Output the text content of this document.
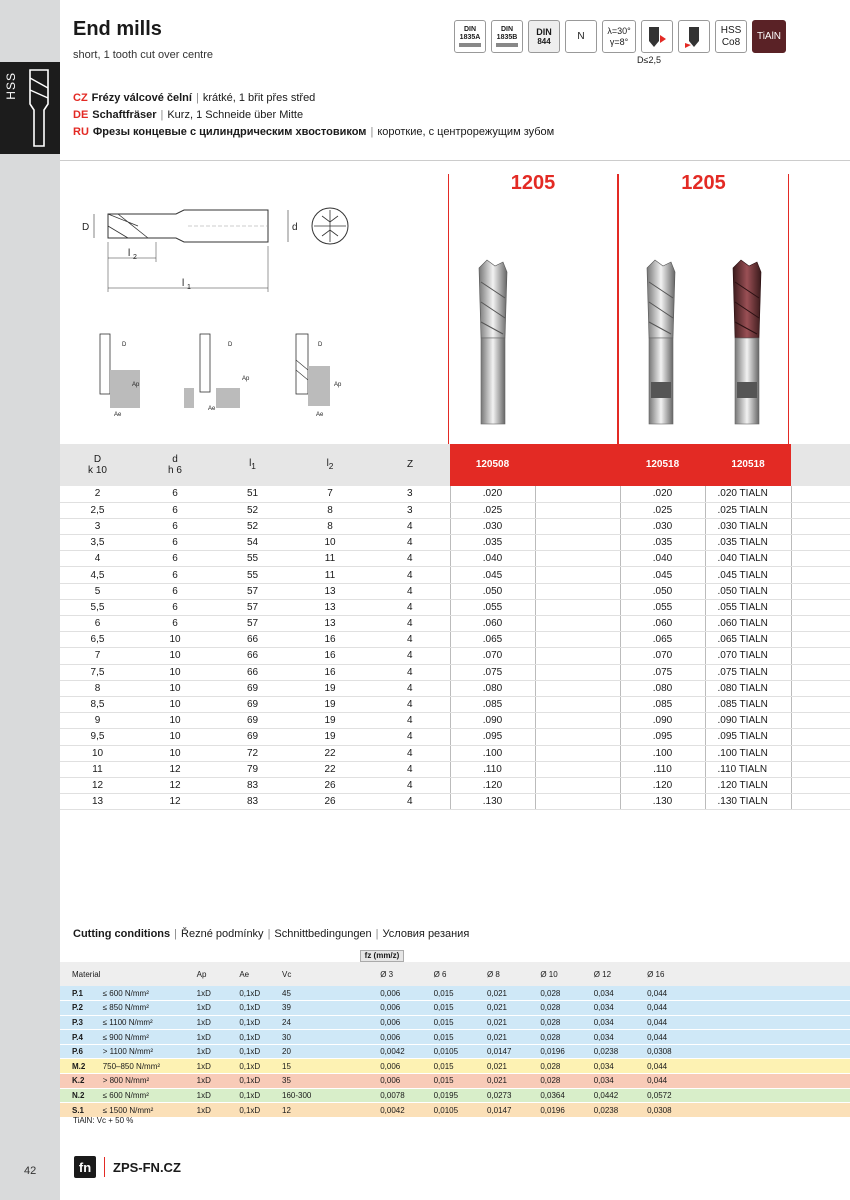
HSS
42
End mills
short, 1 tooth cut over centre
DIN
1835A
DIN
1835B DIN
844	N
λ=30°
γ=8°
HSS
Co8 TiAlN
D≤2,5
CZ Frézy válcové čelní | krátké, 1 břit přes střed
DE Schaftfräser | Kurz, 1 Schneide über Mitte
RU Фрезы концевые с цилиндрическим хвостовиком | короткие, с центрорежущим зубом
D	d
l 2
l 1
Ap
Ae
D
Ap
Ae
D
Ap
Ae
D
1205	1205
D
k 10	d
h 6	$l_1$	$l_2$	Z	120508		120518	120518	
2	6	51	7	3	.020		.020	.020 TIALN	
2,5	6	52	8	3	.025		.025	.025 TIALN	
3	6	52	8	4	.030		.030	.030 TIALN	
3,5	6	54	10	4	.035		.035	.035 TIALN	
4	6	55	11	4	.040		.040	.040 TIALN	
4,5	6	55	11	4	.045		.045	.045 TIALN	
5	6	57	13	4	.050		.050	.050 TIALN	
5,5	6	57	13	4	.055		.055	.055 TIALN	
6	6	57	13	4	.060		.060	.060 TIALN	
6,5	10	66	16	4	.065		.065	.065 TIALN	
7	10	66	16	4	.070		.070	.070 TIALN	
7,5	10	66	16	4	.075		.075	.075 TIALN	
8	10	69	19	4	.080		.080	.080 TIALN	
8,5	10	69	19	4	.085		.085	.085 TIALN	
9	10	69	19	4	.090		.090	.090 TIALN	
9,5	10	69	19	4	.095		.095	.095 TIALN	
10	10	72	22	4	.100		.100	.100 TIALN	
11	12	79	22	4	.110		.110	.110 TIALN	
12	12	83	26	4	.120		.120	.120 TIALN	
13	12	83	26	4	.130		.130	.130 TIALN	
Cutting conditions | Řezné podmínky | Schnittbedingungen | Условия резания
fz (mm/z)
Material		Ap	Ae	Vc	Ø 3	Ø 6	Ø 8	Ø 10	Ø 12	Ø 16	
P.1	≤ 600 N/mm²	1xD	0,1xD	45	0,006	0,015	0,021	0,028	0,034	0,044	
P.2	≤ 850 N/mm²	1xD	0,1xD	39	0,006	0,015	0,021	0,028	0,034	0,044	
P.3	≤ 1100 N/mm²	1xD	0,1xD	24	0,006	0,015	0,021	0,028	0,034	0,044	
P.4	≤ 900 N/mm²	1xD	0,1xD	30	0,006	0,015	0,021	0,028	0,034	0,044	
P.6	> 1100 N/mm²	1xD	0,1xD	20	0,0042	0,0105	0,0147	0,0196	0,0238	0,0308	
M.2	750–850 N/mm²	1xD	0,1xD	15	0,006	0,015	0,021	0,028	0,034	0,044	
K.2	> 800 N/mm²	1xD	0,1xD	35	0,006	0,015	0,021	0,028	0,034	0,044	
N.2	≤ 600 N/mm²	1xD	0,1xD	160-300	0,0078	0,0195	0,0273	0,0364	0,0442	0,0572	
S.1	≤ 1500 N/mm²	1xD	0,1xD	12	0,0042	0,0105	0,0147	0,0196	0,0238	0,0308	
TiAlN: Vc + 50 %
fn	ZPS-FN.CZ
